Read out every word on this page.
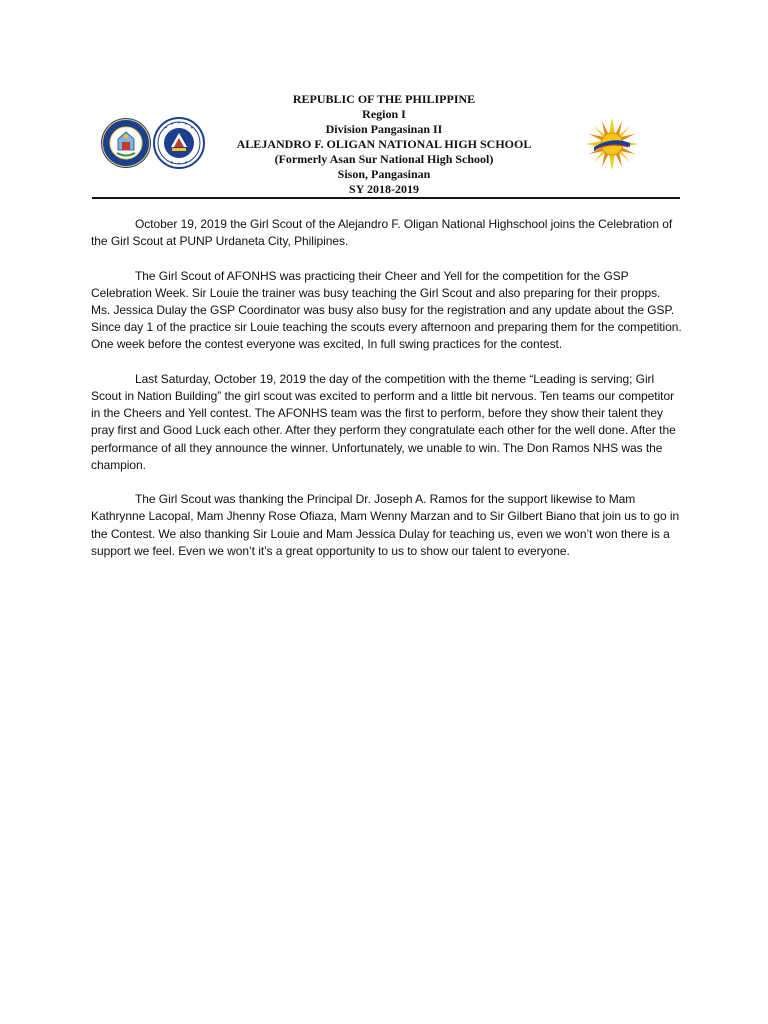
REPUBLIC OF THE PHILIPPINE
Region I
Division Pangasinan II
ALEJANDRO F. OLIGAN NATIONAL HIGH SCHOOL
(Formerly Asan Sur National High School)
Sison, Pangasinan
SY 2018-2019

October 19, 2019 the Girl Scout of the Alejandro F. Oligan National Highschool joins the Celebration of the Girl Scout at PUNP Urdaneta City, Philipines.

The Girl Scout of AFONHS was practicing their Cheer and Yell for the competition for the GSP Celebration Week. Sir Louie the trainer was busy teaching the Girl Scout and also preparing for their propps. Ms. Jessica Dulay the GSP Coordinator was busy also busy for the registration and any update about the GSP. Since day 1 of the practice sir Louie teaching the scouts every afternoon and preparing them for the competition. One week before the contest everyone was excited, In full swing practices for the contest.

Last Saturday, October 19, 2019 the day of the competition with the theme “Leading is serving; Girl Scout in Nation Building” the girl scout was excited to perform and a little bit nervous. Ten teams our competitor in the Cheers and Yell contest. The AFONHS team was the first to perform, before they show their talent they pray first and Good Luck each other. After they perform they congratulate each other for the well done. After the performance of all they announce the winner. Unfortunately, we unable to win. The Don Ramos NHS was the champion.

The Girl Scout was thanking the Principal Dr. Joseph A. Ramos for the support likewise to Mam Kathrynne Lacopal, Mam Jhenny Rose Ofiaza, Mam Wenny Marzan and to Sir Gilbert Biano that join us to go in the Contest. We also thanking Sir Louie and Mam Jessica Dulay for teaching us, even we won’t won there is a support we feel. Even we won’t it’s a great opportunity to us to show our talent to everyone.
